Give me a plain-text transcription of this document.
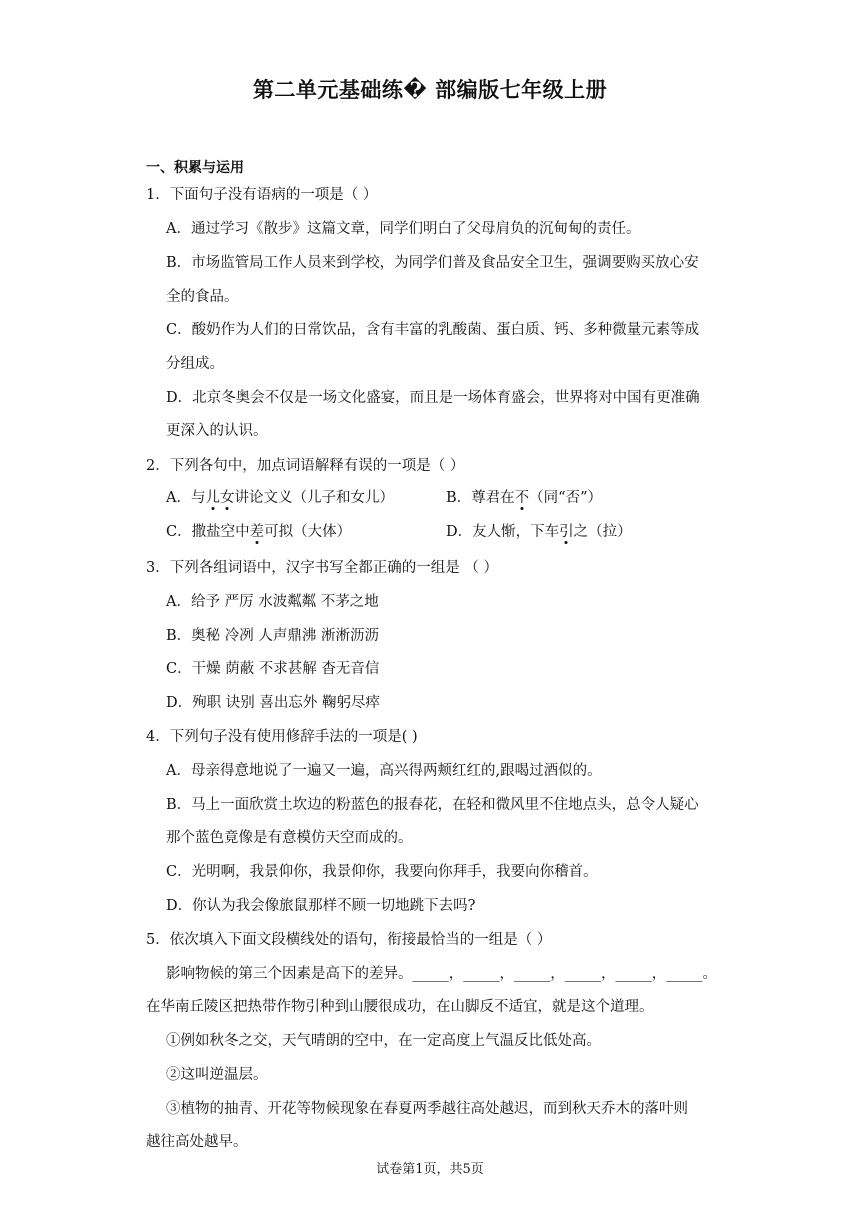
第二单元基础练� 部编版七年级上册
一、积累与运用
1．下面句子没有语病的一项是（ ）
A．通过学习《散步》这篇文章，同学们明白了父母肩负的沉甸甸的责任。
B．市场监管局工作人员来到学校，为同学们普及食品安全卫生，强调要购买放心安
全的食品。
C．酸奶作为人们的日常饮品，含有丰富的乳酸菌、蛋白质、钙、多种微量元素等成
分组成。
D．北京冬奥会不仅是一场文化盛宴，而且是一场体育盛会，世界将对中国有更准确
更深入的认识。
2．下列各句中，加点词语解释有误的一项是（ ）
A．与儿女讲论文义（儿子和女儿）	B．尊君在不（同“否”）
C．撒盐空中差可拟（大体）	D．友人惭，下车引之（拉）
3．下列各组词语中，汉字书写全都正确的一组是 （ ）
A．给予 严厉 水波粼粼 不茅之地
B．奥秘 冷冽 人声鼎沸 淅淅沥沥
C．干燥 荫蔽 不求甚解 杳无音信
D．殉职 诀别 喜出忘外 鞠躬尽瘁
4．下列句子没有使用修辞手法的一项是( )
A．母亲得意地说了一遍又一遍，高兴得两颊红红的,跟喝过酒似的。
B．马上一面欣赏土坎边的粉蓝色的报春花，在轻和微风里不住地点头，总令人疑心
那个蓝色竟像是有意模仿天空而成的。
C．光明啊，我景仰你，我景仰你，我要向你拜手，我要向你稽首。
D．你认为我会像旅鼠那样不顾一切地跳下去吗?
5．依次填入下面文段横线处的语句，衔接最恰当的一组是（ ）
影响物候的第三个因素是高下的差异。_____，_____，_____，_____，_____，_____。
在华南丘陵区把热带作物引种到山腰很成功，在山脚反不适宜，就是这个道理。
①例如秋冬之交，天气晴朗的空中，在一定高度上气温反比低处高。
②这叫逆温层。
③植物的抽青、开花等物候现象在春夏两季越往高处越迟，而到秋天乔木的落叶则
越往高处越早。
试卷第1页，共5页
